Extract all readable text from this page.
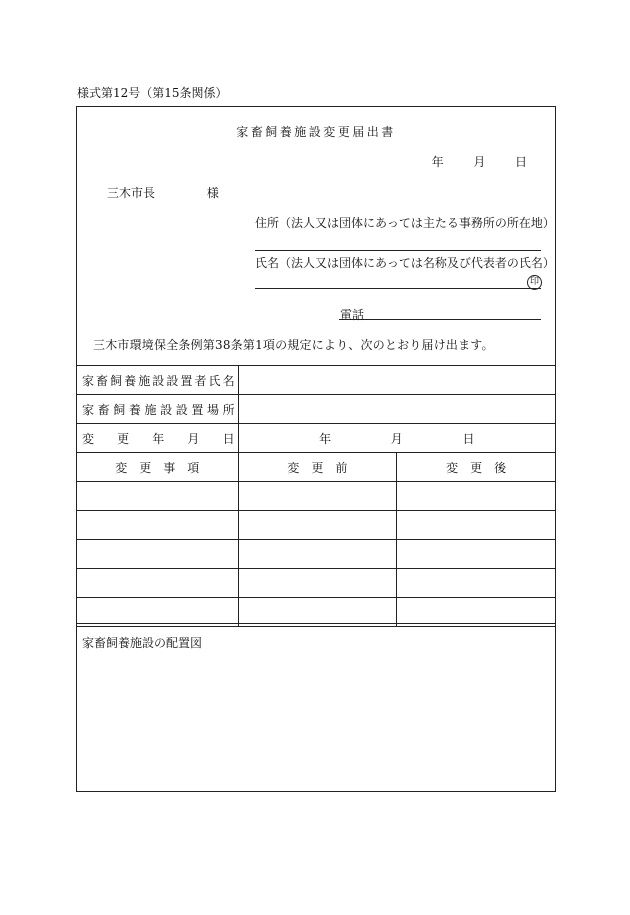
様式第12号（第15条関係）
家畜飼養施設変更届出書
年 月 日
三木市長	様
住所（法人又は団体にあっては主たる事務所の所在地）
氏名（法人又は団体にあっては名称及び代表者の氏名）
印
電話
三木市環境保全条例第38条第1項の規定により、次のとおり届け出ます。
家畜飼養施設設置者氏名		
家畜飼養施設設置場所		
変更年月日	年 月 日	
変　更　事　項	変　更　前	変　更　後

家畜飼養施設の配置図
